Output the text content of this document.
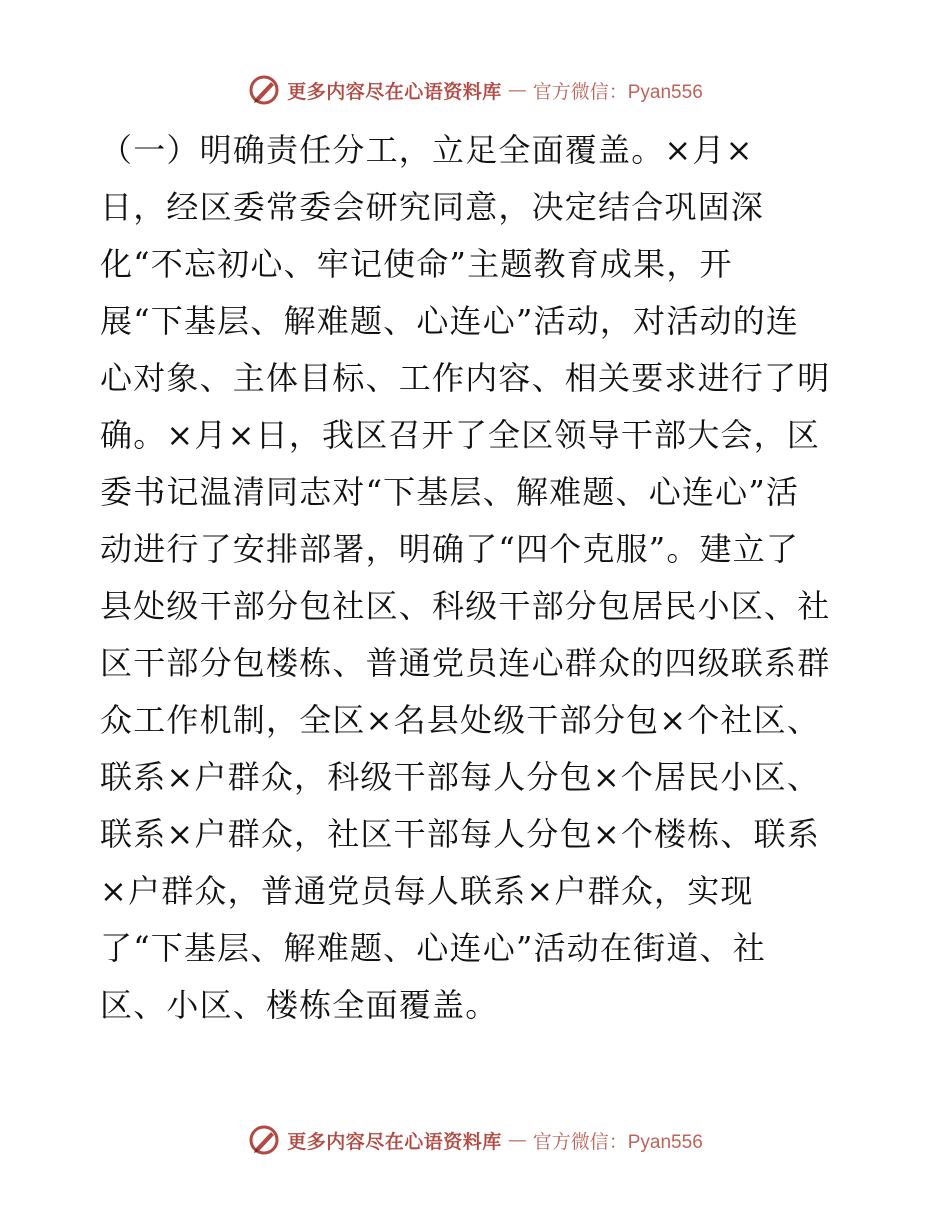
更多内容尽在心语资料库 — 官方微信：Pyan556
（一）明确责任分工，立足全面覆盖。×月×
日，经区委常委会研究同意，决定结合巩固深
化“不忘初心、牢记使命”主题教育成果，开
展“下基层、解难题、心连心”活动，对活动的连
心对象、主体目标、工作内容、相关要求进行了明
确。×月×日，我区召开了全区领导干部大会，区
委书记温清同志对“下基层、解难题、心连心”活
动进行了安排部署，明确了“四个克服”。建立了
县处级干部分包社区、科级干部分包居民小区、社
区干部分包楼栋、普通党员连心群众的四级联系群
众工作机制，全区×名县处级干部分包×个社区、
联系×户群众，科级干部每人分包×个居民小区、
联系×户群众，社区干部每人分包×个楼栋、联系
×户群众，普通党员每人联系×户群众，实现
了“下基层、解难题、心连心”活动在街道、社
区、小区、楼栋全面覆盖。
更多内容尽在心语资料库 — 官方微信：Pyan556
